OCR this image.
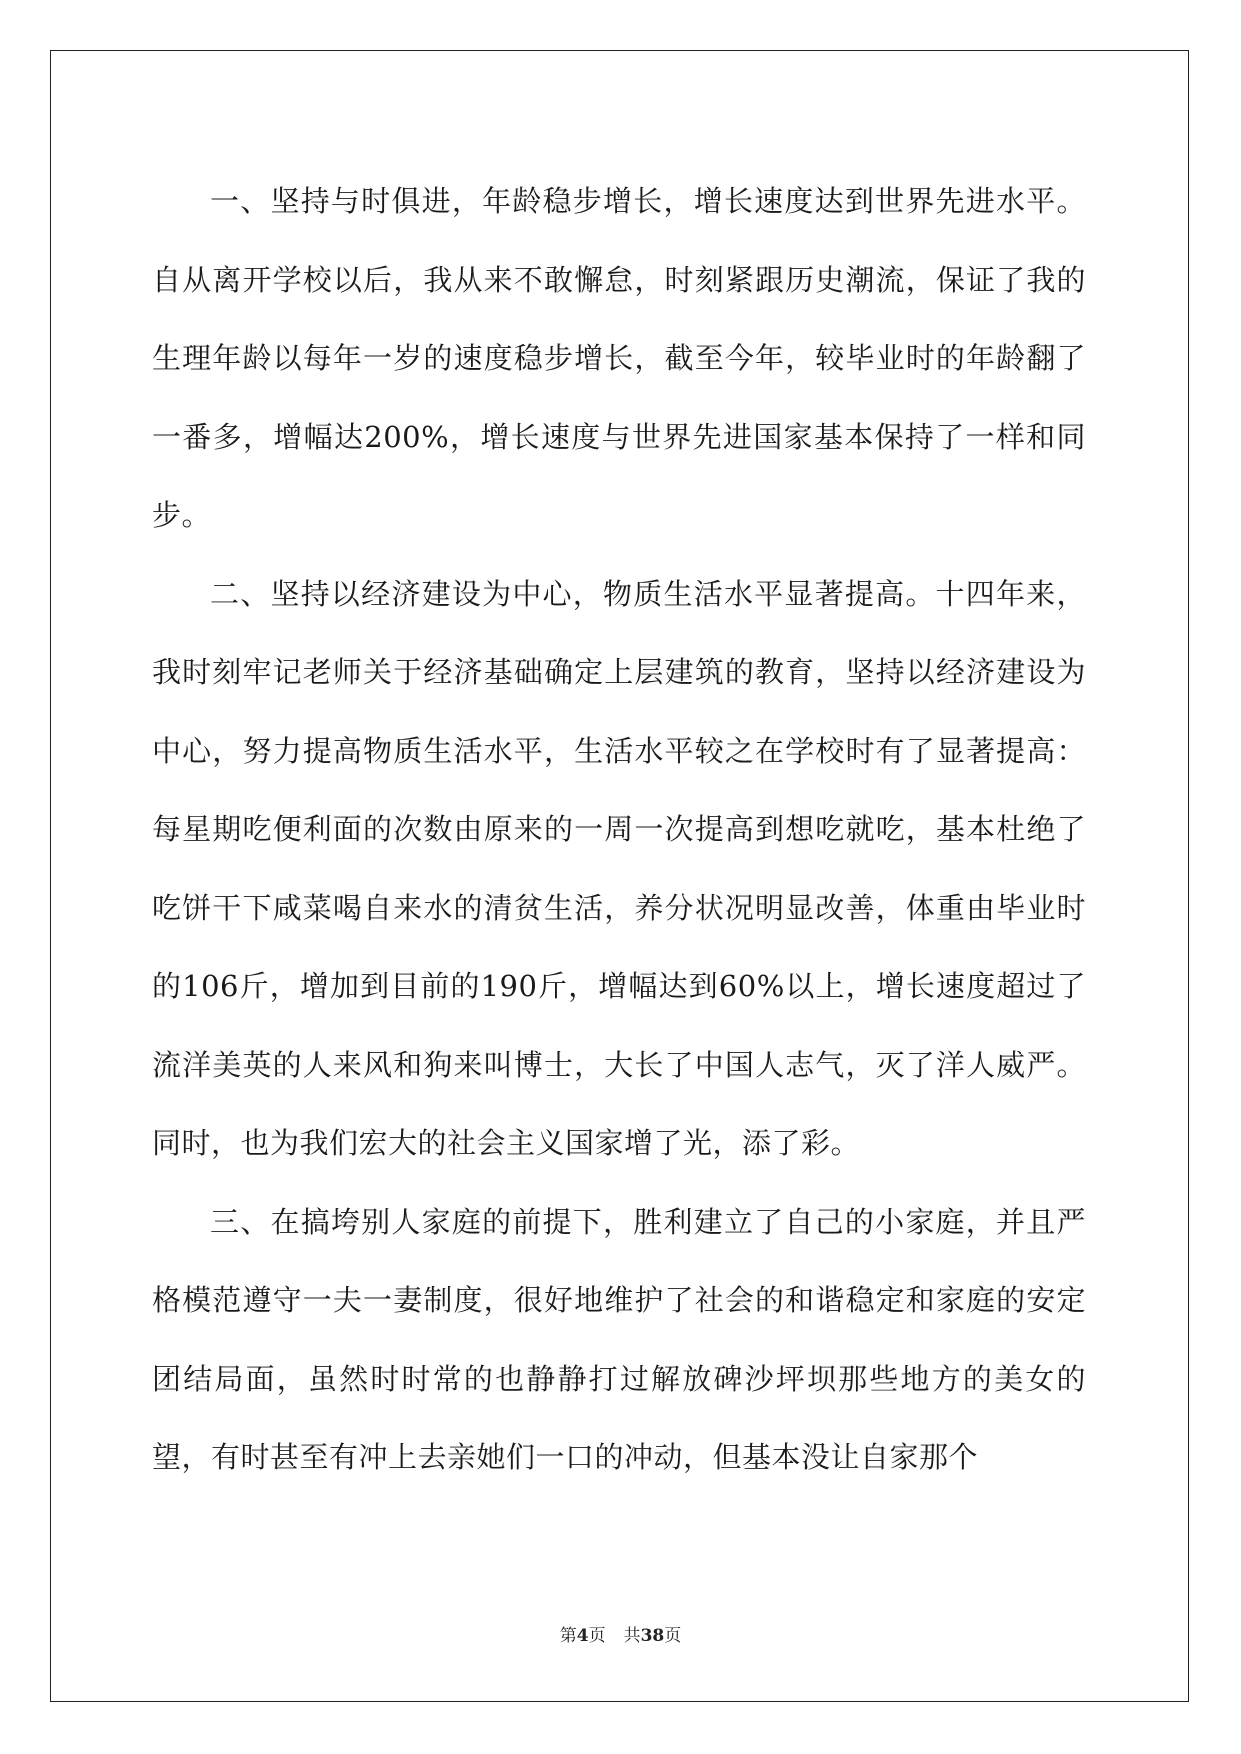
一、坚持与时俱进，年龄稳步增长，增长速度达到世界先进水平。自从离开学校以后，我从来不敢懈怠，时刻紧跟历史潮流，保证了我的生理年龄以每年一岁的速度稳步增长，截至今年，较毕业时的年龄翻了一番多，增幅达200%，增长速度与世界先进国家基本保持了一样和同步。

二、坚持以经济建设为中心，物质生活水平显著提高。十四年来，我时刻牢记老师关于经济基础确定上层建筑的教育，坚持以经济建设为中心，努力提高物质生活水平，生活水平较之在学校时有了显著提高：每星期吃便利面的次数由原来的一周一次提高到想吃就吃，基本杜绝了吃饼干下咸菜喝自来水的清贫生活，养分状况明显改善，体重由毕业时的106斤，增加到目前的190斤，增幅达到60%以上，增长速度超过了流洋美英的人来风和狗来叫博士，大长了中国人志气，灭了洋人威严。同时，也为我们宏大的社会主义国家增了光，添了彩。

三、在搞垮别人家庭的前提下，胜利建立了自己的小家庭，并且严格模范遵守一夫一妻制度，很好地维护了社会的和谐稳定和家庭的安定团结局面，虽然时时常的也静静打过解放碑沙坪坝那些地方的美女的望，有时甚至有冲上去亲她们一口的冲动，但基本没让自家那个

第4页 共38页
